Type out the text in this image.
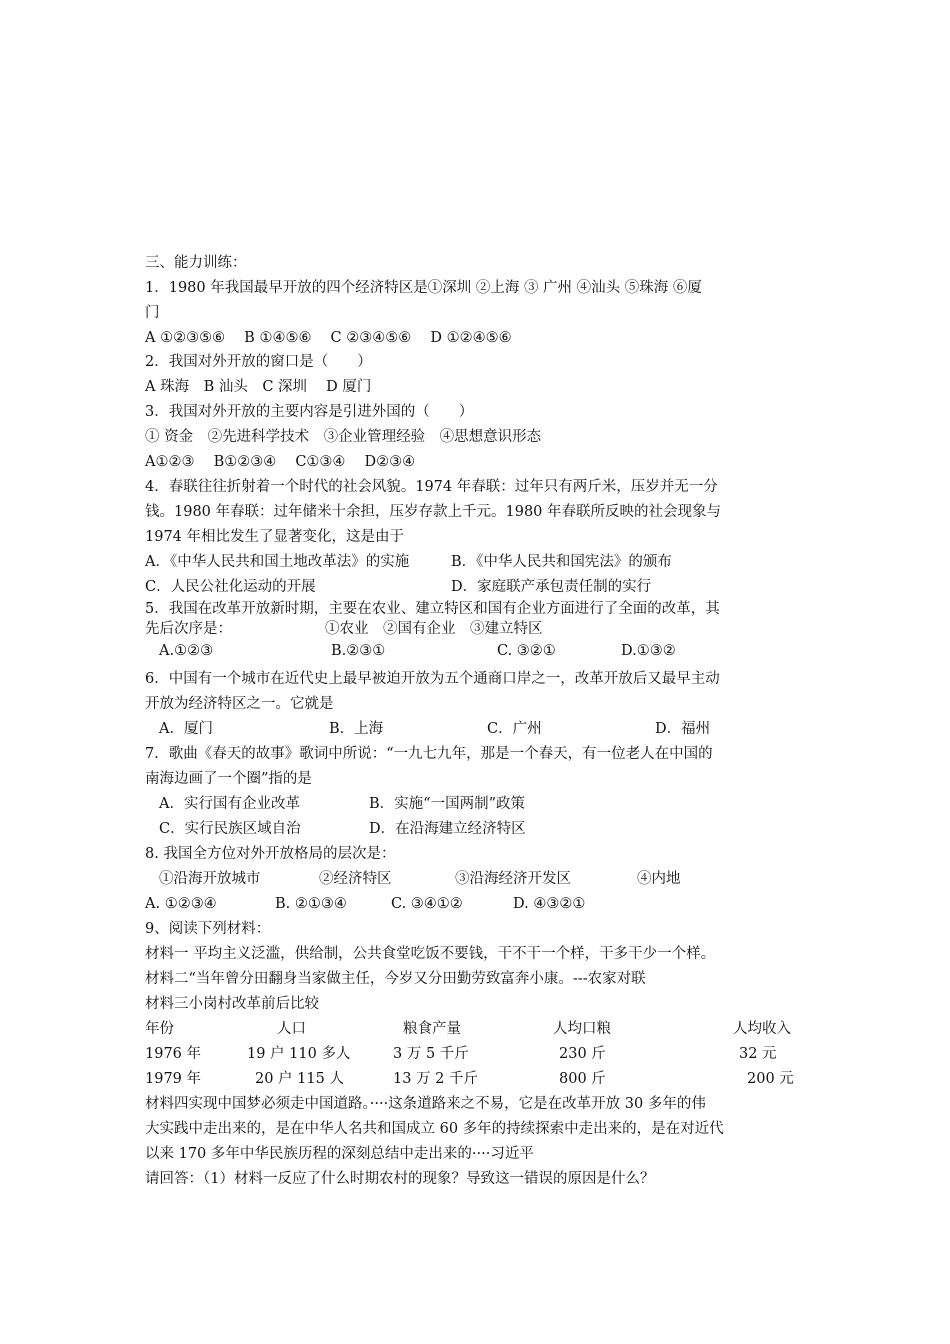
三、能力训练：
1．1980 年我国最早开放的四个经济特区是①深圳 ②上海 ③ 广州 ④汕头 ⑤珠海 ⑥厦
门
A ①②③⑤⑥　 B ①④⑤⑥　 C ②③④⑤⑥　 D ①②④⑤⑥
2．我国对外开放的窗口是（　　）
A 珠海　B 汕头　C 深圳　 D 厦门
3．我国对外开放的主要内容是引进外国的（　　）
① 资金　②先进科学技术　③企业管理经验　④思想意识形态
A①②③　 B①②③④　 C①③④　 D②③④
4．春联往往折射着一个时代的社会风貌。1974 年春联：过年只有两斤米，压岁并无一分
钱。1980 年春联：过年储米十余担，压岁存款上千元。1980 年春联所反映的社会现象与
1974 年相比发生了显著变化，这是由于
A．《中华人民共和国土地改革法》的实施	B．《中华人民共和国宪法》的颁布
C．人民公社化运动的开展	D．家庭联产承包责任制的实行
5．我国在改革开放新时期，主要在农业、建立特区和国有企业方面进行了全面的改革，其
先后次序是：	①农业　②国有企业　③建立特区
A.①②③	B.②③①	C. ③②①	D.①③②
6．中国有一个城市在近代史上最早被迫开放为五个通商口岸之一，改革开放后又最早主动
开放为经济特区之一。它就是
A．厦门	B．上海	C．广州	D．福州
7．歌曲《春天的故事》歌词中所说：“一九七九年，那是一个春天，有一位老人在中国的
南海边画了一个圈”指的是
A．实行国有企业改革	B．实施“一国两制”政策
C．实行民族区域自治	D．在沿海建立经济特区
8. 我国全方位对外开放格局的层次是：
①沿海开放城市	②经济特区	③沿海经济开发区	④内地
A. ①②③④	B. ②①③④	C. ③④①②	D. ④③②①
9、阅读下列材料：
材料一 平均主义泛滥，供给制，公共食堂吃饭不要钱，干不干一个样，干多干少一个样。
材料二“当年曾分田翻身当家做主任，今岁又分田勤劳致富奔小康。---农家对联
材料三小岗村改革前后比较
年份	人口	粮食产量	人均口粮	人均收入
1976 年	19 户 110 多人	3 万 5 千斤	230 斤	32 元
1979 年	20 户 115 人	13 万 2 千斤	800 斤	200 元
材料四实现中国梦必须走中国道路。····这条道路来之不易，它是在改革开放 30 多年的伟
大实践中走出来的，是在中华人名共和国成立 60 多年的持续探索中走出来的，是在对近代
以来 170 多年中华民族历程的深刻总结中走出来的····习近平
请回答：（1）材料一反应了什么时期农村的现象？导致这一错误的原因是什么？
